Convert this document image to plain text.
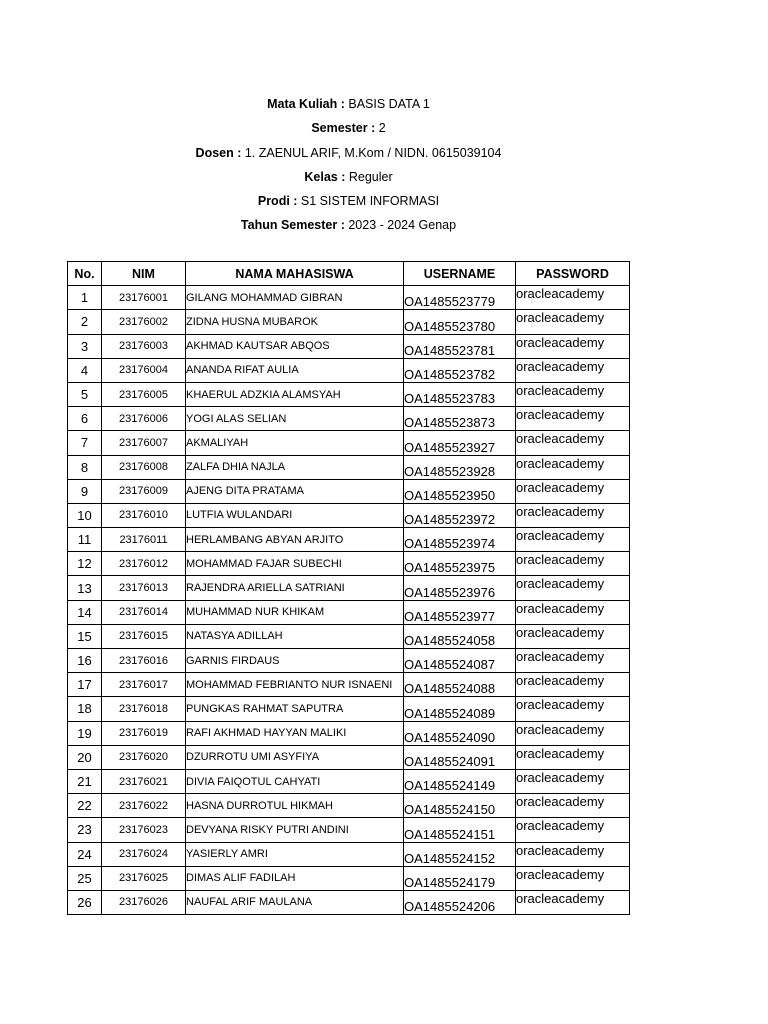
Mata Kuliah : BASIS DATA 1
Semester : 2
Dosen : 1. ZAENUL ARIF, M.Kom / NIDN. 0615039104
Kelas : Reguler
Prodi : S1 SISTEM INFORMASI
Tahun Semester : 2023 - 2024 Genap
No.	NIM	NAMA MAHASISWA	USERNAME	PASSWORD
1	23176001	GILANG MOHAMMAD GIBRAN	OA1485523779	oracleacademy
2	23176002	ZIDNA HUSNA MUBAROK	OA1485523780	oracleacademy
3	23176003	AKHMAD KAUTSAR ABQOS	OA1485523781	oracleacademy
4	23176004	ANANDA RIFAT AULIA	OA1485523782	oracleacademy
5	23176005	KHAERUL ADZKIA ALAMSYAH	OA1485523783	oracleacademy
6	23176006	YOGI ALAS SELIAN	OA1485523873	oracleacademy
7	23176007	AKMALIYAH	OA1485523927	oracleacademy
8	23176008	ZALFA DHIA NAJLA	OA1485523928	oracleacademy
9	23176009	AJENG DITA PRATAMA	OA1485523950	oracleacademy
10	23176010	LUTFIA WULANDARI	OA1485523972	oracleacademy
11	23176011	HERLAMBANG ABYAN ARJITO	OA1485523974	oracleacademy
12	23176012	MOHAMMAD FAJAR SUBECHI	OA1485523975	oracleacademy
13	23176013	RAJENDRA ARIELLA SATRIANI	OA1485523976	oracleacademy
14	23176014	MUHAMMAD NUR KHIKAM	OA1485523977	oracleacademy
15	23176015	NATASYA ADILLAH	OA1485524058	oracleacademy
16	23176016	GARNIS FIRDAUS	OA1485524087	oracleacademy
17	23176017	MOHAMMAD FEBRIANTO NUR ISNAENI	OA1485524088	oracleacademy
18	23176018	PUNGKAS RAHMAT SAPUTRA	OA1485524089	oracleacademy
19	23176019	RAFI AKHMAD HAYYAN MALIKI	OA1485524090	oracleacademy
20	23176020	DZURROTU UMI ASYFIYA	OA1485524091	oracleacademy
21	23176021	DIVIA FAIQOTUL CAHYATI	OA1485524149	oracleacademy
22	23176022	HASNA DURROTUL HIKMAH	OA1485524150	oracleacademy
23	23176023	DEVYANA RISKY PUTRI ANDINI	OA1485524151	oracleacademy
24	23176024	YASIERLY AMRI	OA1485524152	oracleacademy
25	23176025	DIMAS ALIF FADILAH	OA1485524179	oracleacademy
26	23176026	NAUFAL ARIF MAULANA	OA1485524206	oracleacademy
